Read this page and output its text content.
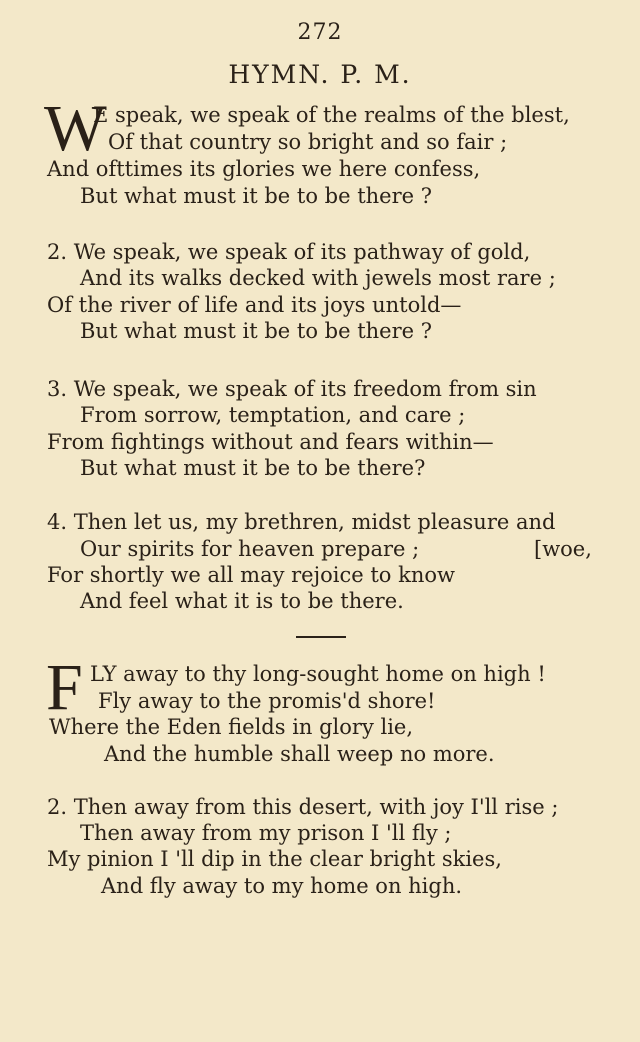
272
HYMN. P. M.
W
E speak, we speak of the realms of the blest,
Of that country so bright and so fair ;
And ofttimes its glories we here confess,
But what must it be to be there ?
2. We speak, we speak of its pathway of gold,
And its walks decked with jewels most rare ;
Of the river of life and its joys untold—
But what must it be to be there ?
3. We speak, we speak of its freedom from sin
From sorrow, temptation, and care ;
From fightings without and fears within—
But what must it be to be there?
4. Then let us, my brethren, midst pleasure and
Our spirits for heaven prepare ;	[woe,
For shortly we all may rejoice to know
And feel what it is to be there.
F LY away to thy long-sought home on high !
Fly away to the promis'd shore!
Where the Eden fields in glory lie,
And the humble shall weep no more.
2. Then away from this desert, with joy I'll rise ;
Then away from my prison I 'll fly ;
My pinion I 'll dip in the clear bright skies,
And fly away to my home on high.
